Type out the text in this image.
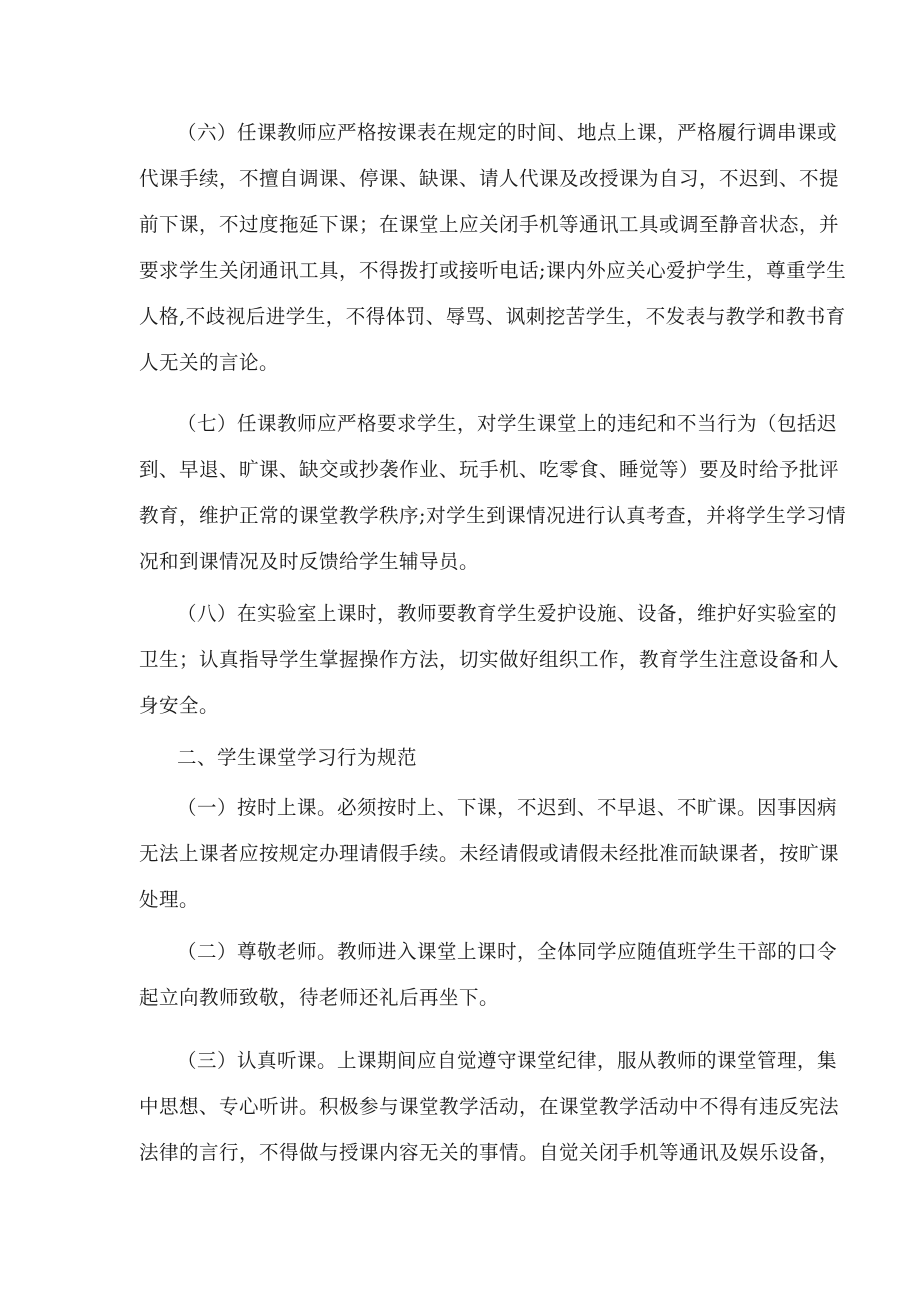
（六）任课教师应严格按课表在规定的时间、地点上课，严格履行调串课或
代课手续，不擅自调课、停课、缺课、请人代课及改授课为自习，不迟到、不提
前下课，不过度拖延下课；在课堂上应关闭手机等通讯工具或调至静音状态，并
要求学生关闭通讯工具，不得拨打或接听电话;课内外应关心爱护学生，尊重学生
人格,不歧视后进学生，不得体罚、辱骂、讽刺挖苦学生，不发表与教学和教书育
人无关的言论。
（七）任课教师应严格要求学生，对学生课堂上的违纪和不当行为（包括迟
到、早退、旷课、缺交或抄袭作业、玩手机、吃零食、睡觉等）要及时给予批评
教育，维护正常的课堂教学秩序;对学生到课情况进行认真考查，并将学生学习情
况和到课情况及时反馈给学生辅导员。
（八）在实验室上课时，教师要教育学生爱护设施、设备，维护好实验室的
卫生；认真指导学生掌握操作方法，切实做好组织工作，教育学生注意设备和人
身安全。
二、学生课堂学习行为规范
（一）按时上课。必须按时上、下课，不迟到、不早退、不旷课。因事因病
无法上课者应按规定办理请假手续。未经请假或请假未经批准而缺课者，按旷课
处理。
（二）尊敬老师。教师进入课堂上课时，全体同学应随值班学生干部的口令
起立向教师致敬，待老师还礼后再坐下。
（三）认真听课。上课期间应自觉遵守课堂纪律，服从教师的课堂管理，集
中思想、专心听讲。积极参与课堂教学活动，在课堂教学活动中不得有违反宪法
法律的言行，不得做与授课内容无关的事情。自觉关闭手机等通讯及娱乐设备，
